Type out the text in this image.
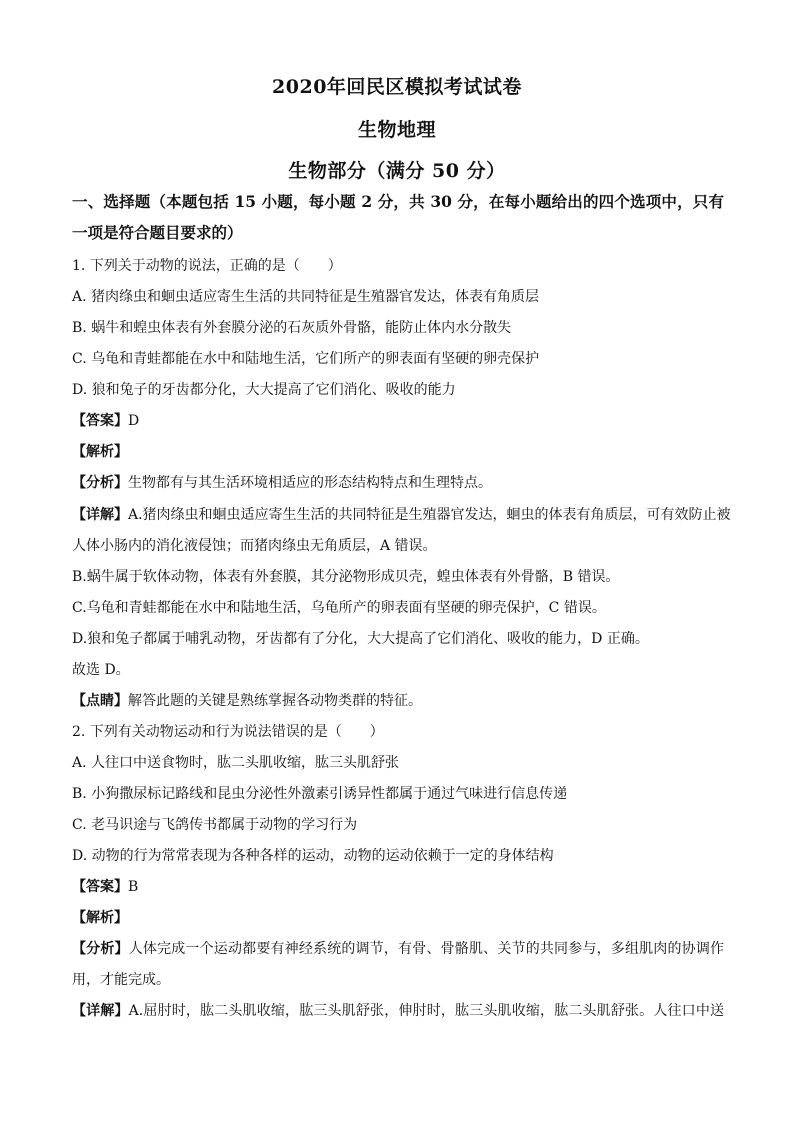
2020年回民区模拟考试试卷
生物地理
生物部分（满分 50 分）
一、选择题（本题包括 15 小题，每小题 2 分，共 30 分，在每小题给出的四个选项中，只有
一项是符合题目要求的）
1. 下列关于动物的说法，正确的是（　　）
A. 猪肉绦虫和蛔虫适应寄生生活的共同特征是生殖器官发达，体表有角质层
B. 蜗牛和蝗虫体表有外套膜分泌的石灰质外骨骼，能防止体内水分散失
C. 乌龟和青蛙都能在水中和陆地生活，它们所产的卵表面有坚硬的卵壳保护
D. 狼和兔子的牙齿都分化，大大提高了它们消化、吸收的能力
【答案】D
【解析】
【分析】生物都有与其生活环境相适应的形态结构特点和生理特点。
【详解】A.猪肉绦虫和蛔虫适应寄生生活的共同特征是生殖器官发达，蛔虫的体表有角质层，可有效防止被
人体小肠内的消化液侵蚀；而猪肉绦虫无角质层，A 错误。
B.蜗牛属于软体动物，体表有外套膜，其分泌物形成贝壳，蝗虫体表有外骨骼，B 错误。
C.乌龟和青蛙都能在水中和陆地生活，乌龟所产的卵表面有坚硬的卵壳保护，C 错误。
D.狼和兔子都属于哺乳动物，牙齿都有了分化，大大提高了它们消化、吸收的能力，D 正确。
故选 D。
【点睛】解答此题的关键是熟练掌握各动物类群的特征。
2. 下列有关动物运动和行为说法错误的是（　　）
A. 人往口中送食物时，肱二头肌收缩，肱三头肌舒张
B. 小狗撒尿标记路线和昆虫分泌性外激素引诱异性都属于通过气味进行信息传递
C. 老马识途与飞鸽传书都属于动物的学习行为
D. 动物的行为常常表现为各种各样的运动，动物的运动依赖于一定的身体结构
【答案】B
【解析】
【分析】人体完成一个运动都要有神经系统的调节，有骨、骨骼肌、关节的共同参与，多组肌肉的协调作
用，才能完成。
【详解】A.屈肘时，肱二头肌收缩，肱三头肌舒张，伸肘时，肱三头肌收缩，肱二头肌舒张。人往口中送
